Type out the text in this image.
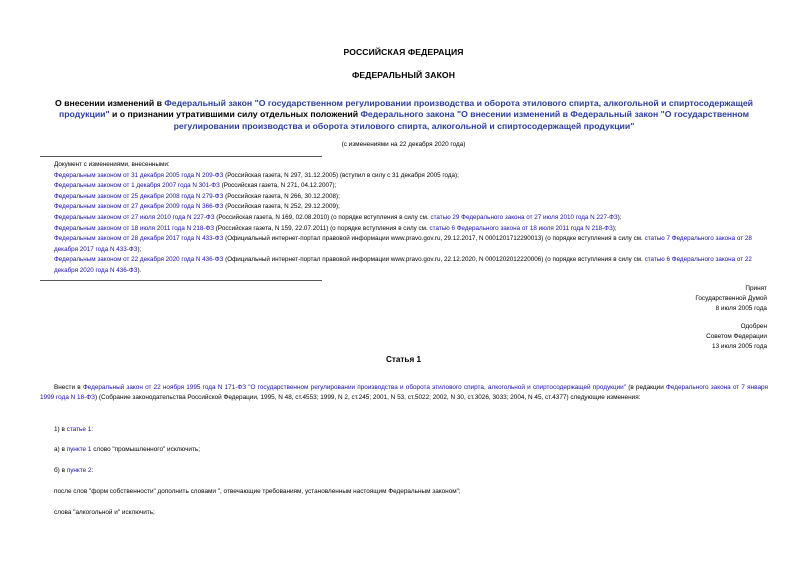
РОССИЙСКАЯ ФЕДЕРАЦИЯ
ФЕДЕРАЛЬНЫЙ ЗАКОН
О внесении изменений в Федеральный закон "О государственном регулировании производства и оборота этилового спирта, алкогольной и спиртосодержащей продукции" и о признании утратившими силу отдельных положений Федерального закона "О внесении изменений в Федеральный закон "О государственном регулировании производства и оборота этилового спирта, алкогольной и спиртосодержащей продукции"
(с изменениями на 22 декабря 2020 года)
Документ с изменениями, внесенными:
Федеральным законом от 31 декабря 2005 года N 209-ФЗ (Российская газета, N 297, 31.12.2005) (вступил в силу с 31 декабря 2005 года);
Федеральным законом от 1 декабря 2007 года N 301-ФЗ (Российская газета, N 271, 04.12.2007);
Федеральным законом от 25 декабря 2008 года N 279-ФЗ (Российская газета, N 266, 30.12.2008);
Федеральным законом от 27 декабря 2009 года N 366-ФЗ (Российская газета, N 252, 29.12.2009);
Федеральным законом от 27 июля 2010 года N 227-ФЗ (Российская газета, N 169, 02.08.2010) (о порядке вступления в силу см. статью 29 Федерального закона от 27 июля 2010 года N 227-ФЗ);
Федеральным законом от 18 июля 2011 года N 218-ФЗ (Российская газета, N 159, 22.07.2011) (о порядке вступления в силу см. статью 6 Федерального закона от 18 июля 2011 года N 218-ФЗ);
Федеральным законом от 28 декабря 2017 года N 433-ФЗ (Официальный интернет-портал правовой информации www.pravo.gov.ru, 29.12.2017, N 0001201712290013) (о порядке вступления в силу см. статью 7 Федерального закона от 28 декабря 2017 года N 433-ФЗ);
Федеральным законом от 22 декабря 2020 года N 436-ФЗ (Официальный интернет-портал правовой информации www.pravo.gov.ru, 22.12.2020, N 0001202012220006) (о порядке вступления в силу см. статью 6 Федерального закона от 22 декабря 2020 года N 436-ФЗ).
Принят
Государственной Думой
8 июля 2005 года
Одобрен
Советом Федерации
13 июля 2005 года
Статья 1
Внести в Федеральный закон от 22 ноября 1995 года N 171-ФЗ "О государственном регулировании производства и оборота этилового спирта, алкогольной и спиртосодержащей продукции" (в редакции Федерального закона от 7 января 1999 года N 18-ФЗ) (Собрание законодательства Российской Федерации, 1995, N 48, ст.4553; 1999, N 2, ст.245; 2001, N 53, ст.5022; 2002, N 30, ст.3026, 3033; 2004, N 45, ст.4377) следующие изменения:
1) в статье 1:
а) в пункте 1 слово "промышленного" исключить;
б) в пункте 2:
после слов "форм собственности" дополнить словами ", отвечающие требованиям, установленным настоящим Федеральным законом";
слова "алкогольной и" исключить;
